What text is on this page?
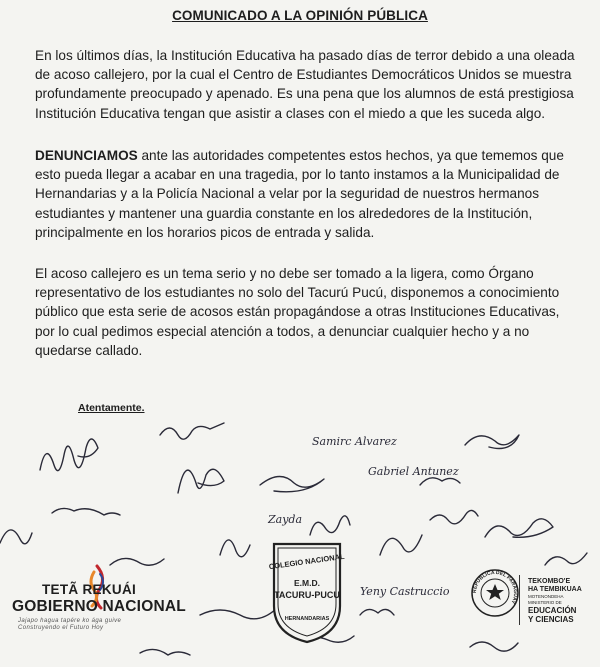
COMUNICADO A LA OPINIÓN PÚBLICA

En los últimos días, la Institución Educativa ha pasado días de terror debido a una oleada de acoso callejero, por la cual el Centro de Estudiantes Democráticos Unidos se muestra profundamente preocupado y apenado. Es una pena que los alumnos de está prestigiosa Institución Educativa tengan que asistir a clases con el miedo a que les suceda algo.

DENUNCIAMOS ante las autoridades competentes estos hechos, ya que tememos que esto pueda llegar a acabar en una tragedia, por lo tanto instamos a la Municipalidad de Hernandarias y a la Policía Nacional a velar por la seguridad de nuestros hermanos estudiantes y mantener una guardia constante en los alrededores de la Institución, principalmente en los horarios picos de entrada y salida.

El acoso callejero es un tema serio y no debe ser tomado a la ligera, como Órgano representativo de los estudiantes no solo del Tacurú Pucú, disponemos a conocimiento público que esta serie de acosos están propagándose a otras Instituciones Educativas, por lo cual pedimos especial atención a todos, a denunciar cualquier hecho y a no quedarse callado.

Atentamente.
Samirc Alvarez
Gabriel Antunez
Zayda
Yeny Castruccio
TETÃ REKUÁI
GOBIERNO NACIONAL
Jajapo hagua tapére ko ága guive
Construyendo el Futuro Hoy
COLEGIO NACIONAL
E.M.D.
TACURU-PUCU
HERNANDARIAS
REPÚBLICA DEL PARAGUAY
TEKOMBO'E
HA TEMBIKUAA
MOTENONDEHA
MINISTERIO DE
EDUCACIÓN
Y CIENCIAS
